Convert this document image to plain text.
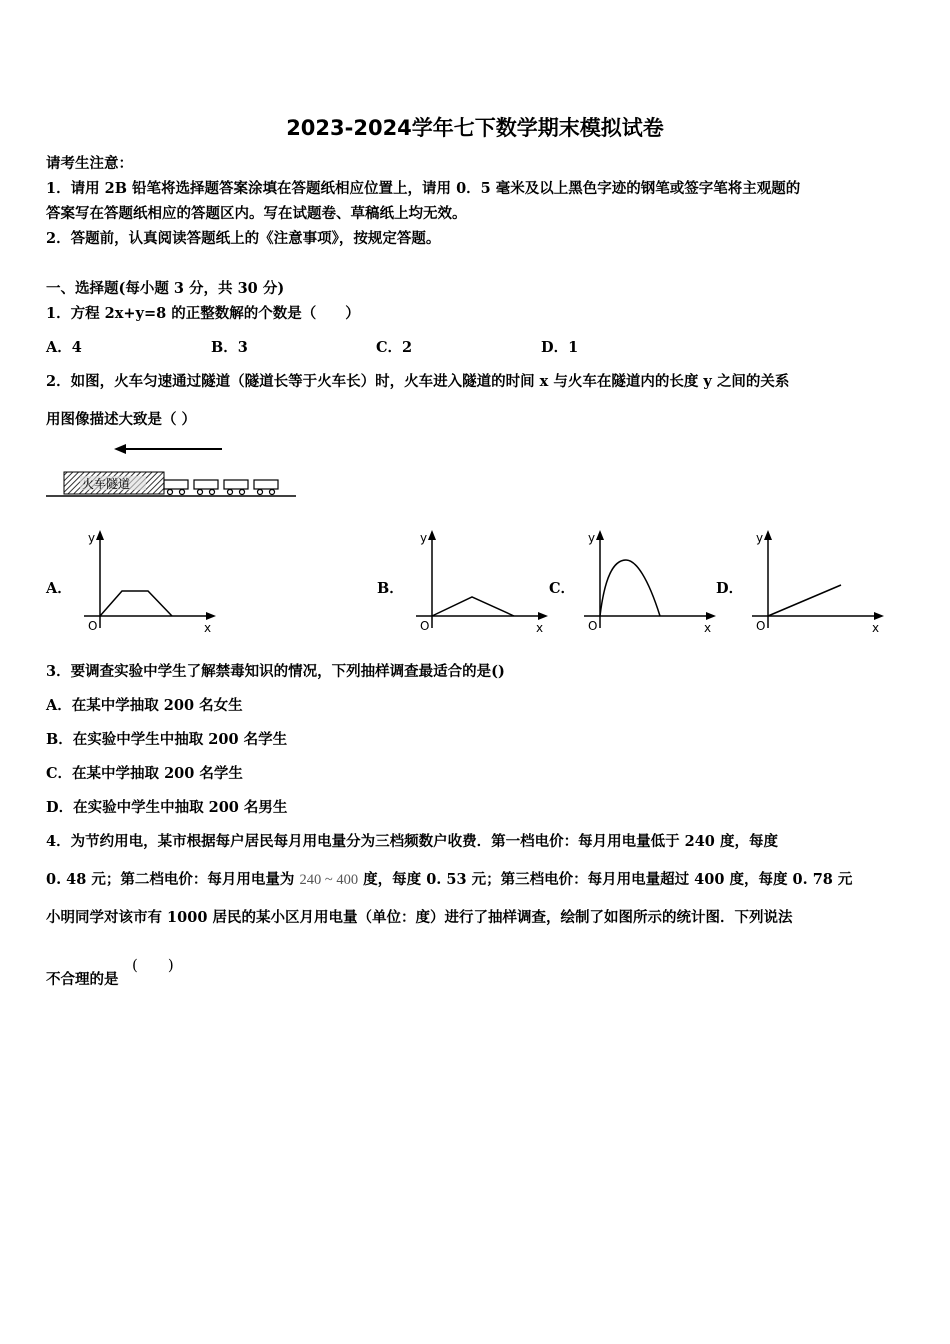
2023-2024学年七下数学期末模拟试卷
请考生注意：
1．请用 2B 铅笔将选择题答案涂填在答题纸相应位置上，请用 0．5 毫米及以上黑色字迹的钢笔或签字笔将主观题的
答案写在答题纸相应的答题区内。写在试题卷、草稿纸上均无效。
2．答题前，认真阅读答题纸上的《注意事项》，按规定答题。
一、选择题(每小题 3 分，共 30 分)
1．方程 2x+y=8 的正整数解的个数是（　　）
A．4	B．3	C．2	D．1
2．如图，火车匀速通过隧道（隧道长等于火车长）时，火车进入隧道的时间 x 与火车在隧道内的长度 y 之间的关系
用图像描述大致是（ ）
火车隧道
A．
y
x
O
B．
y
x
O
C．
y
x
O
D．
y
x
O
3．要调查实验中学生了解禁毒知识的情况，下列抽样调查最适合的是()
A．在某中学抽取 200 名女生
B．在实验中学生中抽取 200 名学生
C．在某中学抽取 200 名学生
D．在实验中学生中抽取 200 名男生
4．为节约用电，某市根据每户居民每月用电量分为三档频数户收费．第一档电价：每月用电量低于 240 度，每度
0. 48 元；第二档电价：每月用电量为 240 ~ 400 度，每度 0. 53 元；第三档电价：每月用电量超过 400 度，每度 0. 78 元
小明同学对该市有 1000 居民的某小区月用电量（单位：度）进行了抽样调查，绘制了如图所示的统计图．下列说法
不合理的是
(　　)
